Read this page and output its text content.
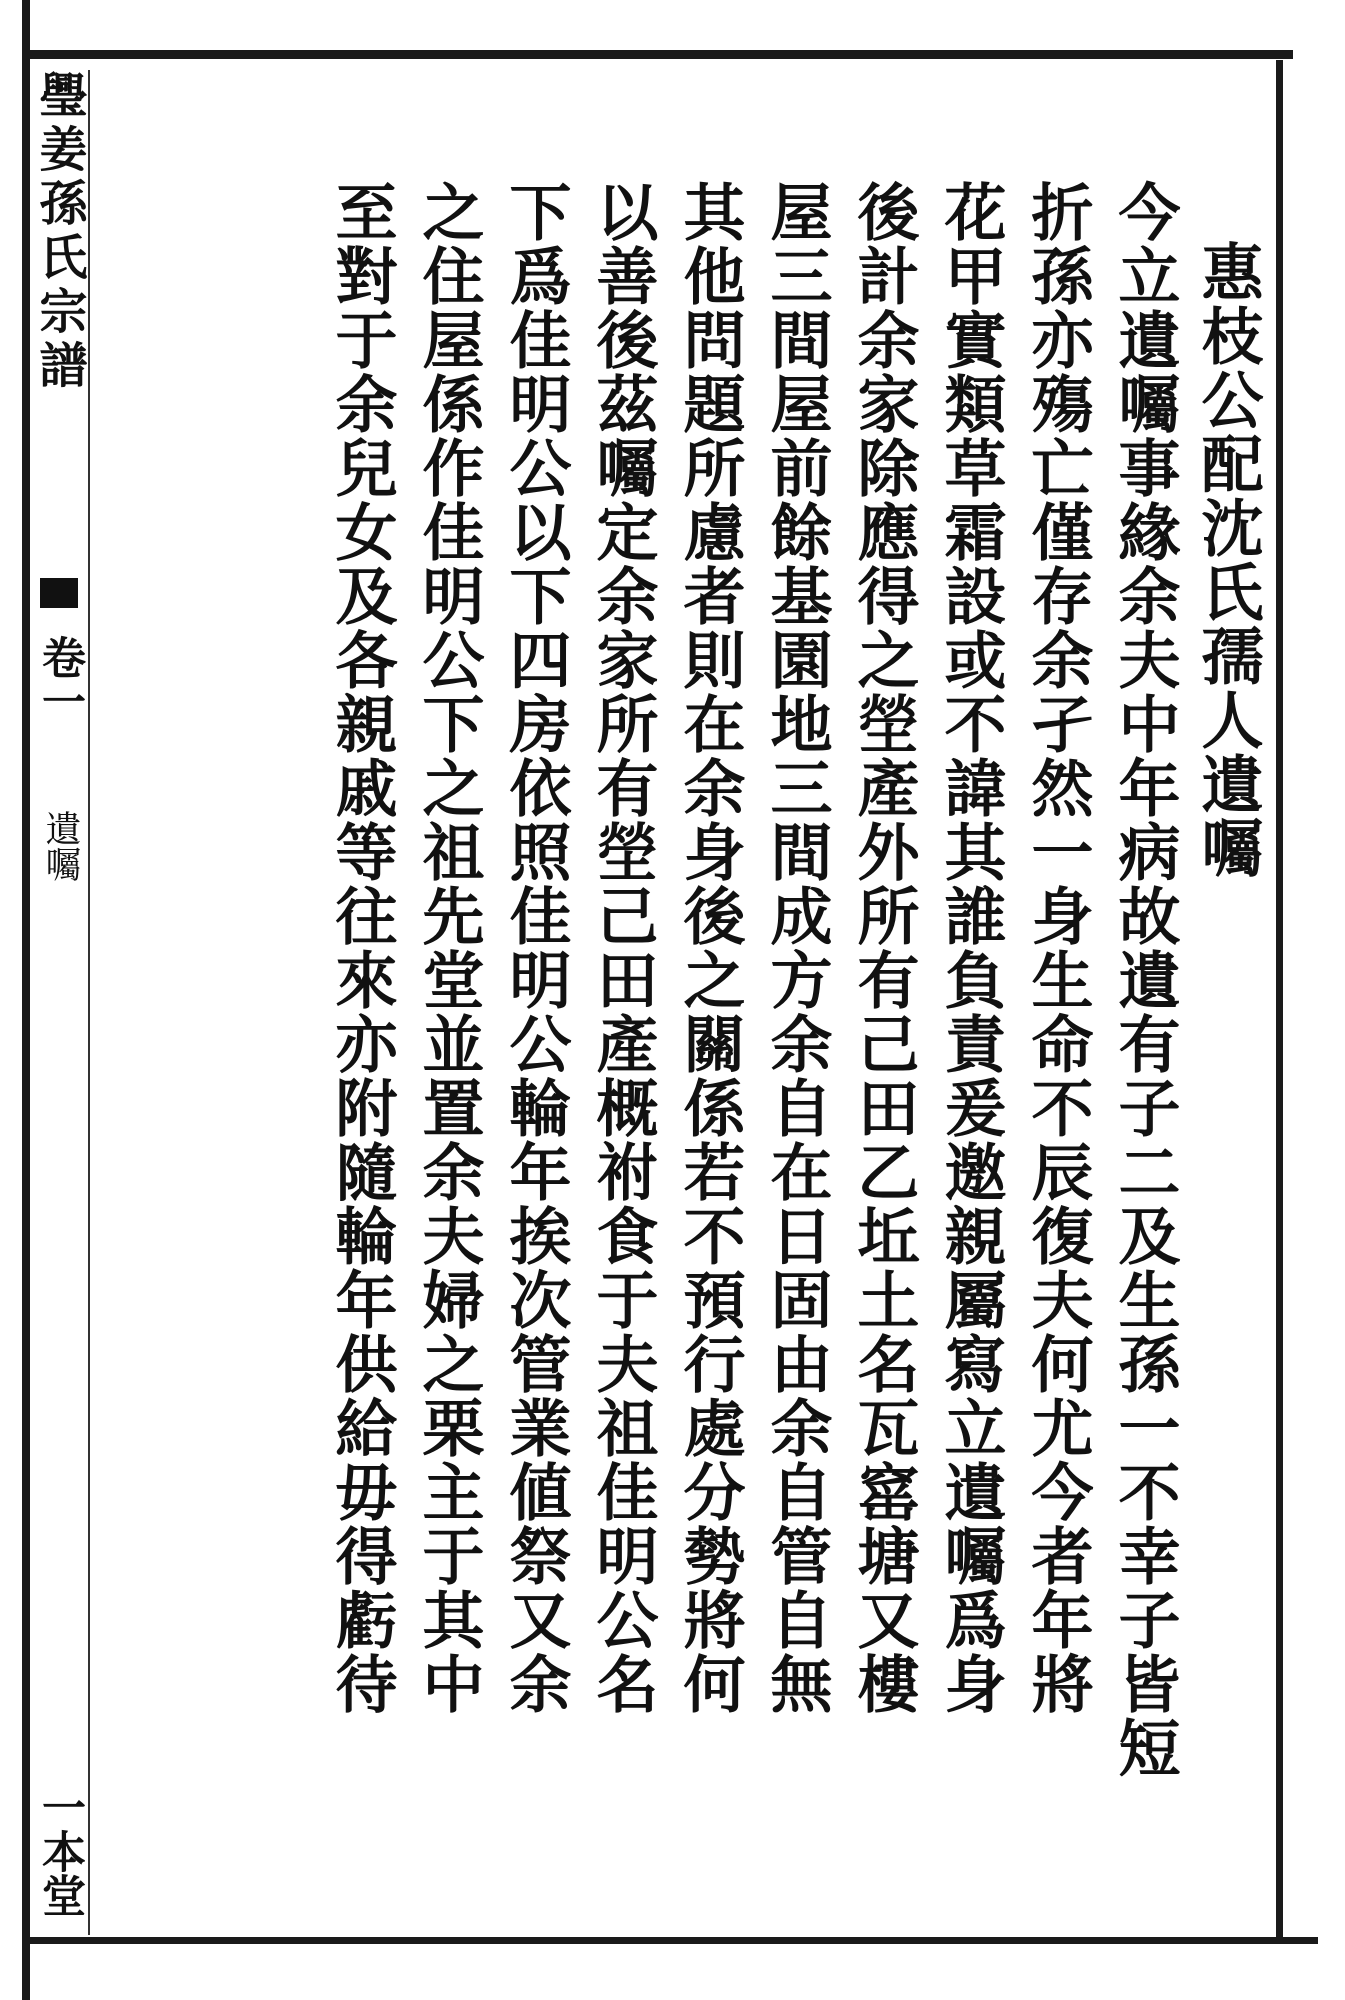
璺姜孫氏宗譜
卷一
遺囑
一本堂
惠枝公配沈氏孺人遺囑
今立遺囑事緣余夫中年病故遺有子二及生孫一不幸子皆短
折孫亦殤亡僅存余孑然一身生命不辰復夫何尤今者年將
花甲實類草霜設或不諱其誰負責爰邀親屬寫立遺囑爲身
後計余家除應得之塋產外所有己田乙坵土名瓦窰塘又樓
屋三間屋前餘基園地三間成方余自在日固由余自管自無
其他問題所慮者則在余身後之關係若不預行處分勢將何
以善後茲囑定余家所有塋己田產概祔食于夫祖佳明公名
下爲佳明公以下四房依照佳明公輪年挨次管業値祭又余
之住屋係作佳明公下之祖先堂並置余夫婦之栗主于其中
至對于余兒女及各親戚等往來亦附隨輪年供給毋得虧待
